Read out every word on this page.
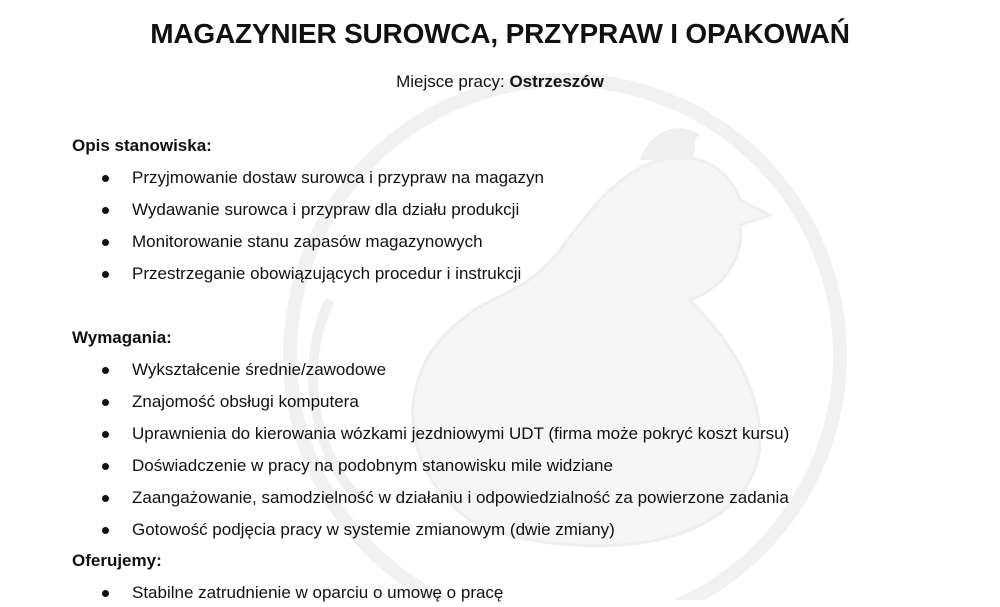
MAGAZYNIER SUROWCA, PRZYPRAW I OPAKOWAŃ
Miejsce pracy: Ostrzeszów
Opis stanowiska:
Przyjmowanie dostaw surowca i przypraw na magazyn
Wydawanie surowca i przypraw dla działu produkcji
Monitorowanie stanu zapasów magazynowych
Przestrzeganie obowiązujących procedur i instrukcji
Wymagania:
Wykształcenie średnie/zawodowe
Znajomość obsługi komputera
Uprawnienia do kierowania wózkami jezdniowymi UDT (firma może pokryć koszt kursu)
Doświadczenie w pracy na podobnym stanowisku mile widziane
Zaangażowanie, samodzielność w działaniu i odpowiedzialność za powierzone zadania
Gotowość podjęcia pracy w systemie zmianowym (dwie zmiany)
Oferujemy:
Stabilne zatrudnienie w oparciu o umowę o pracę
